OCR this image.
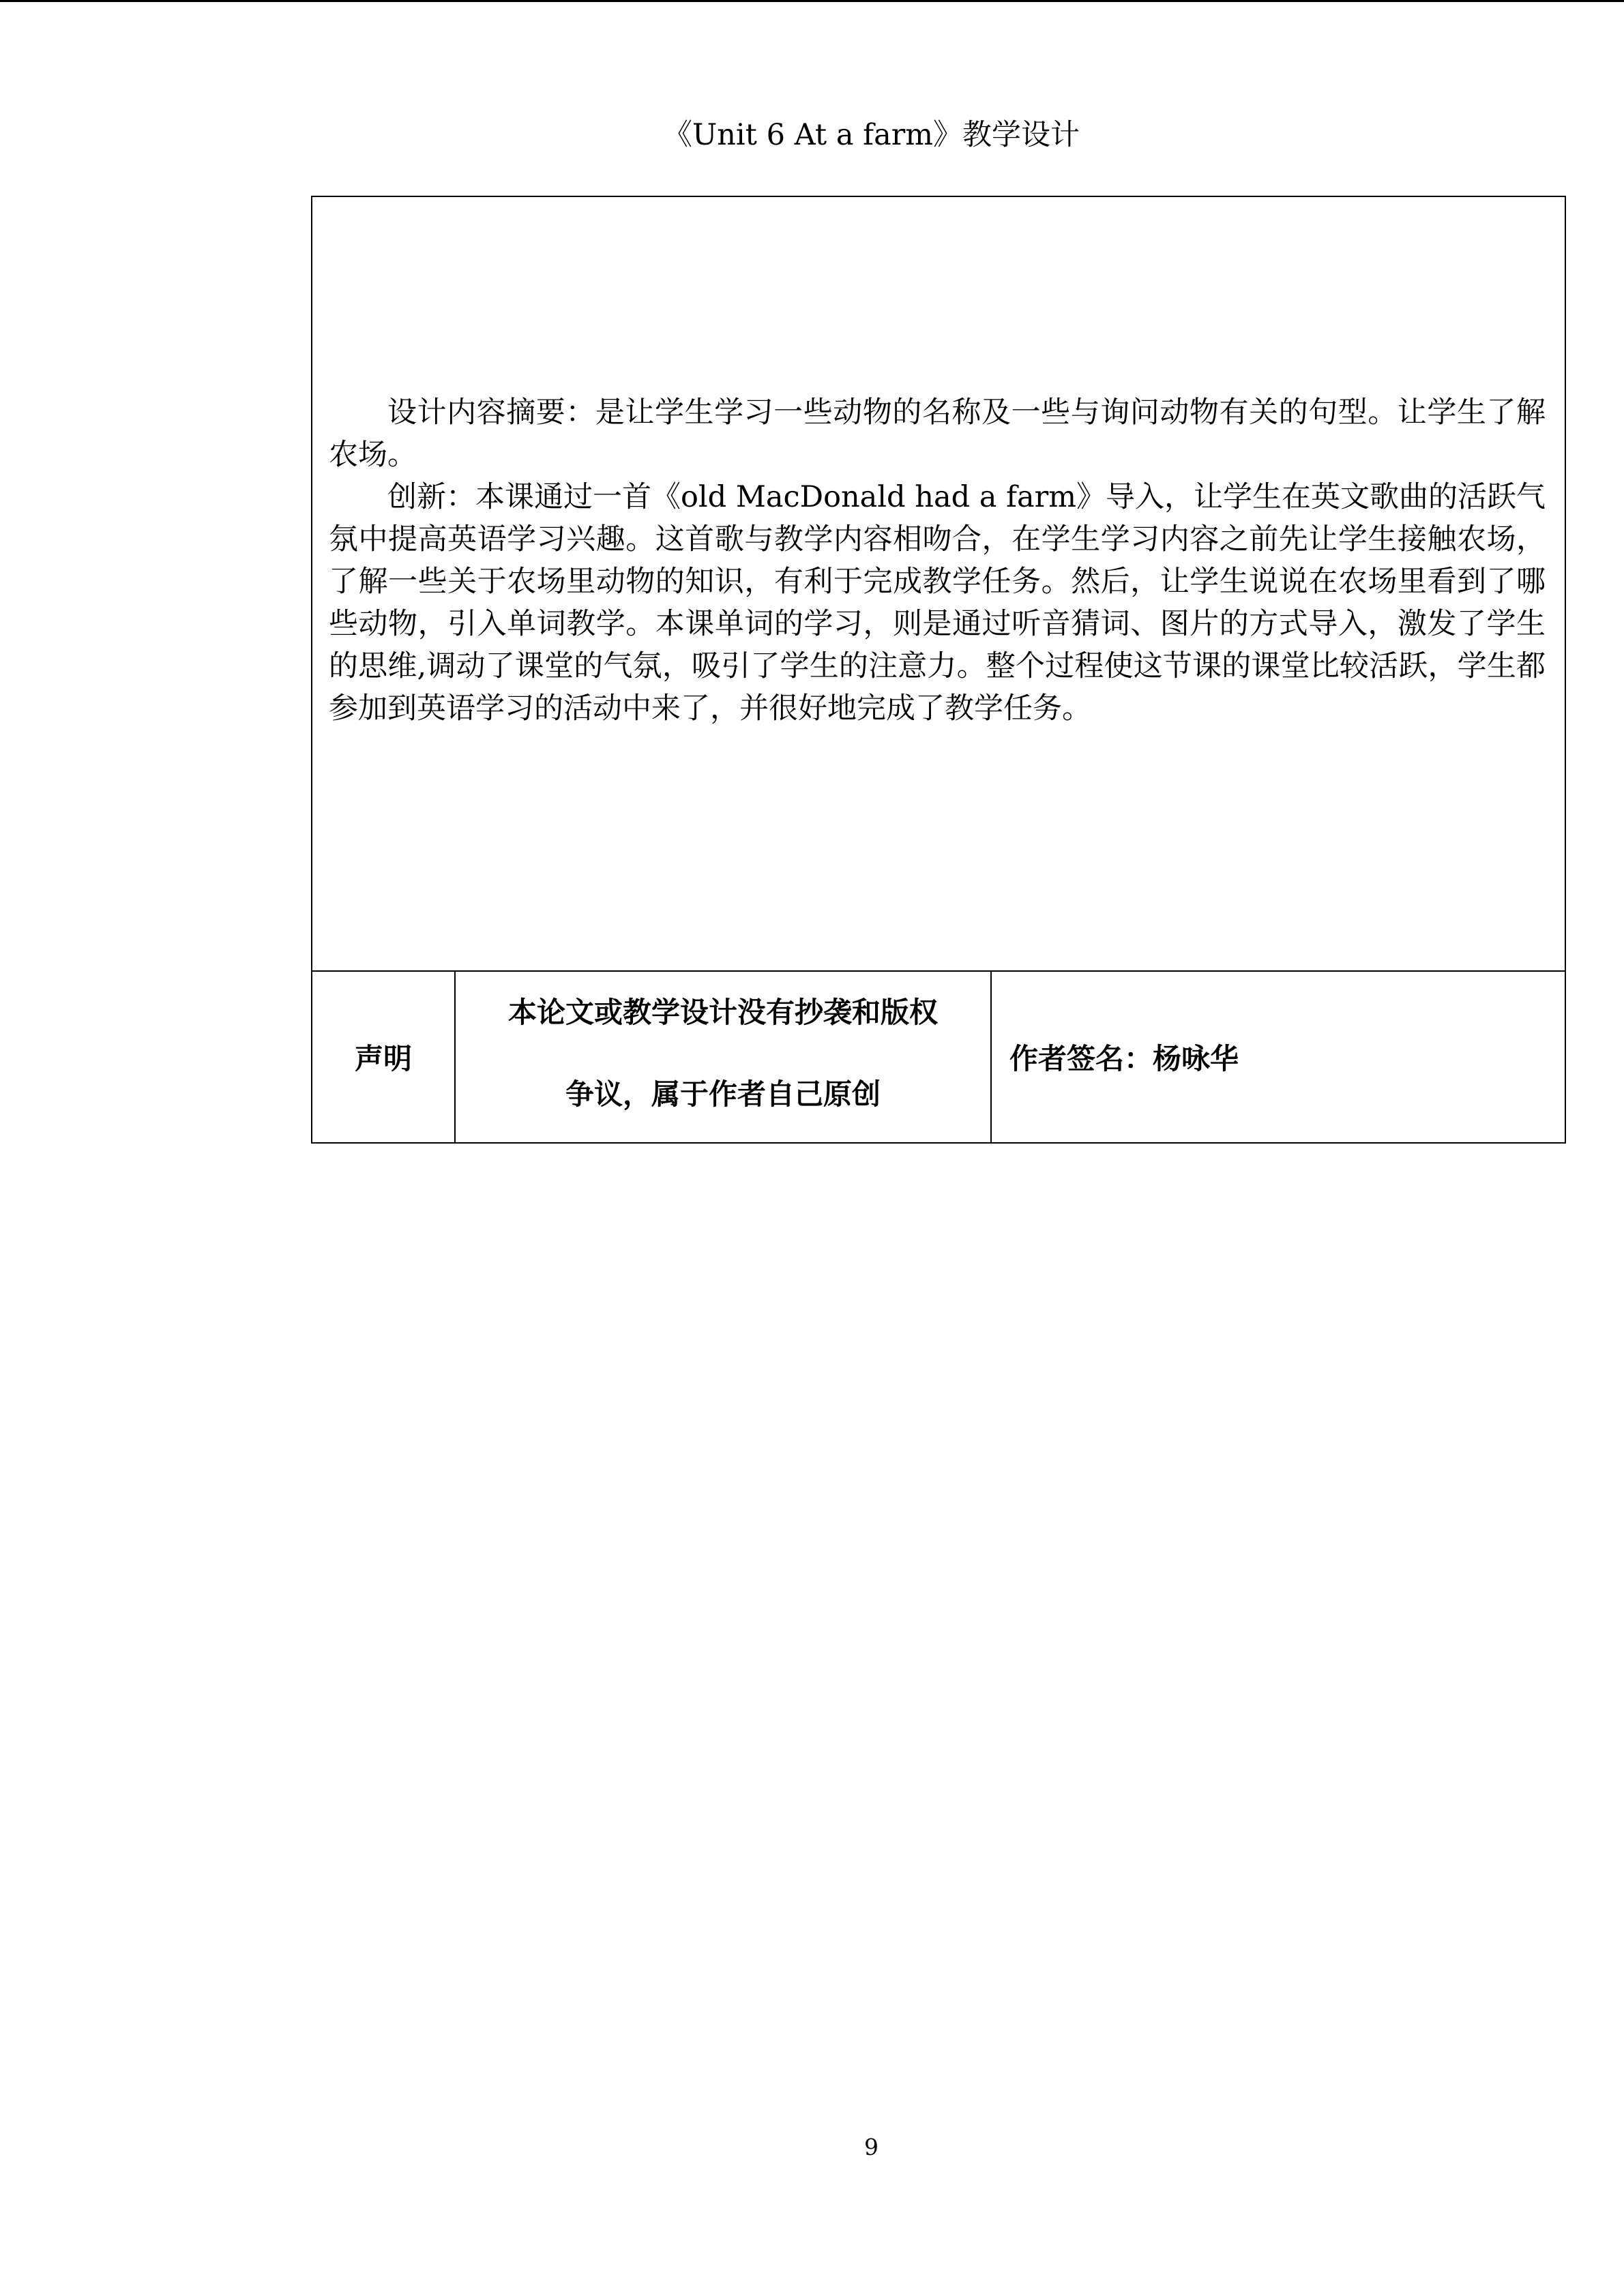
《Unit 6 At a farm》教学设计

设计内容摘要：是让学生学习一些动物的名称及一些与询问动物有关的句型。让学生了解农场。

创新：本课通过一首《old MacDonald had a farm》导入，让学生在英文歌曲的活跃气氛中提高英语学习兴趣。这首歌与教学内容相吻合，在学生学习内容之前先让学生接触农场，了解一些关于农场里动物的知识，有利于完成教学任务。然后，让学生说说在农场里看到了哪些动物，引入单词教学。本课单词的学习，则是通过听音猜词、图片的方式导入，激发了学生的思维,调动了课堂的气氛，吸引了学生的注意力。整个过程使这节课的课堂比较活跃，学生都参加到英语学习的活动中来了，并很好地完成了教学任务。

声明
本论文或教学设计没有抄袭和版权
争议，属于作者自己原创
作者签名：杨咏华
9
